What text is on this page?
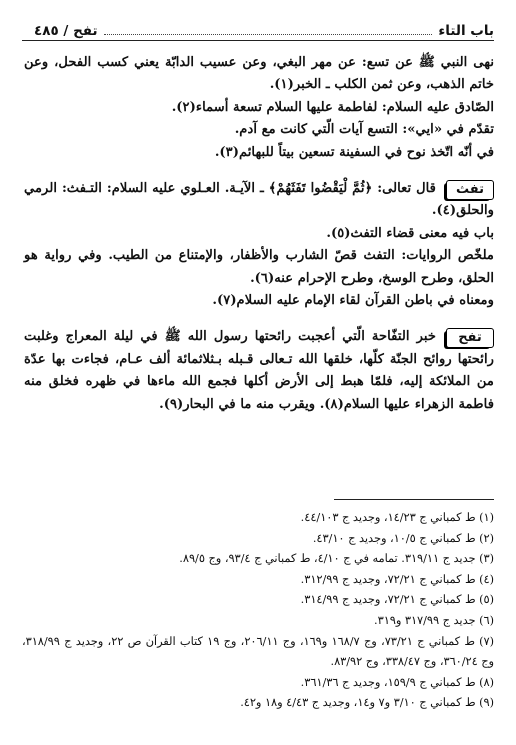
باب التاء
تفح / ٤٨٥

نهى النبي ﷺ عن تسع: عن مهر البغي، وعن عسيب الدابّة يعني كسب الفحل، وعن خاتم الذهب، وعن ثمن الكلب ـ الخبر(١).

الصّادق عليه السلام: لفاطمة عليها السلام تسعة أسماء(٢).

تقدّم في «ايي»: التسع آيات الّتي كانت مع آدم.

في أنّه اتّخذ نوح في السفينة تسعين بيتاً للبهائم(٣).

تفث

قال تعالى: ﴿ثُمَّ لْيَقْضُوا تَفَثَهُمْ﴾ ـ الآيـة. العـلوي عليه السلام: التـفث: الرمي والحلق(٤).

باب فيه معنى قضاء التفث(٥).

ملخّص الروايات: التفث قصّ الشارب والأظفار، والإمتناع من الطيب. وفي رواية هو الحلق، وطرح الوسخ، وطرح الإحرام عنه(٦).

ومعناه في باطن القرآن لقاء الإمام عليه السلام(٧).

تفح

خبر التفّاحة الّتي أعجبت رائحتها رسول الله ﷺ في ليلة المعراج وغلبت رائحتها روائح الجنّة كلّها، خلقها الله تـعالى قـبله بـثلاثمائة ألف عـام، فجاءت بها عدّة من الملائكة إليه، فلمّا هبط إلى الأرض أكلها فجمع الله ماءها في ظهره فخلق منه فاطمة الزهراء عليها السلام(٨). ويقرب منه ما في البحار(٩).

(١) ط كمباني ج ١٤/٢٣، وجديد ج ٤٤/١٠٣.
(٢) ط كمباني ج ١٠/٥، وجديد ج ٤٣/١٠.
(٣) جديد ج ٣١٩/١١. تمامه في ج ٤/١٠، ط كمباني ج ٩٣/٤، وج ٨٩/٥.
(٤) ط كمباني ج ٧٢/٢١، وجديد ج ٣١٢/٩٩.
(٥) ط كمباني ج ٧٢/٢١، وجديد ج ٣١٤/٩٩.
(٦) جديد ج ٣١٧/٩٩ و٣١٩.
(٧) ط كمباني ج ٧٣/٢١، وج ١٦٨/٧ و١٦٩، وج ٢٠٦/١١، وج ١٩ كتاب القرآن ص ٢٢، وجديد ج ٣١٨/٩٩، وج ٣٦٠/٢٤، وج ٣٣٨/٤٧، وج ٨٣/٩٢.
(٨) ط كمباني ج ١٥٩/٩، وجديد ج ٣٦١/٣٦.
(٩) ط كمباني ج ٣/١٠ و٧ و١٤، وجديد ج ٤/٤٣ و١٨ و٤٢.
